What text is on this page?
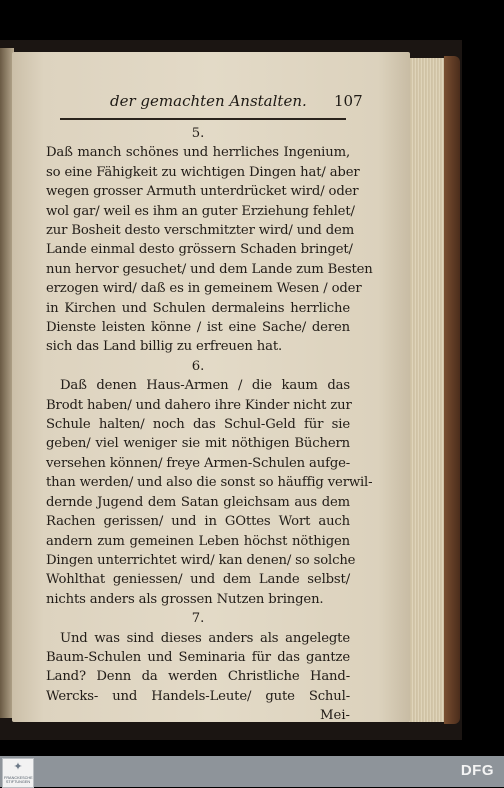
der gemachten Anstalten. 107
5.
Daß manch schönes und herrliches Ingenium,
so eine Fähigkeit zu wichtigen Dingen hat/ aber
wegen grosser Armuth unterdrücket wird/ oder
wol gar/ weil es ihm an guter Erziehung fehlet/
zur Bosheit desto verschmitzter wird/ und dem
Lande einmal desto grössern Schaden bringet/
nun hervor gesuchet/ und dem Lande zum Besten
erzogen wird/ daß es in gemeinem Wesen / oder
in Kirchen und Schulen dermaleins herrliche
Dienste leisten könne / ist eine Sache/ deren
sich das Land billig zu erfreuen hat.
6.
Daß denen Haus-Armen / die kaum das
Brodt haben/ und dahero ihre Kinder nicht zur
Schule halten/ noch das Schul-Geld für sie
geben/ viel weniger sie mit nöthigen Büchern
versehen können/ freye Armen-Schulen aufge-
than werden/ und also die sonst so häuffig verwil-
dernde Jugend dem Satan gleichsam aus dem
Rachen gerissen/ und in GOttes Wort auch
andern zum gemeinen Leben höchst nöthigen
Dingen unterrichtet wird/ kan denen/ so solche
Wohlthat geniessen/ und dem Lande selbst/
nichts anders als grossen Nutzen bringen.
7.
Und was sind dieses anders als angelegte
Baum-Schulen und Seminaria für das gantze
Land? Denn da werden Christliche Hand-
Wercks- und Handels-Leute/ gute Schul-
Mei-
✦
FRANCKESCHE
STIFTUNGEN
DFG
